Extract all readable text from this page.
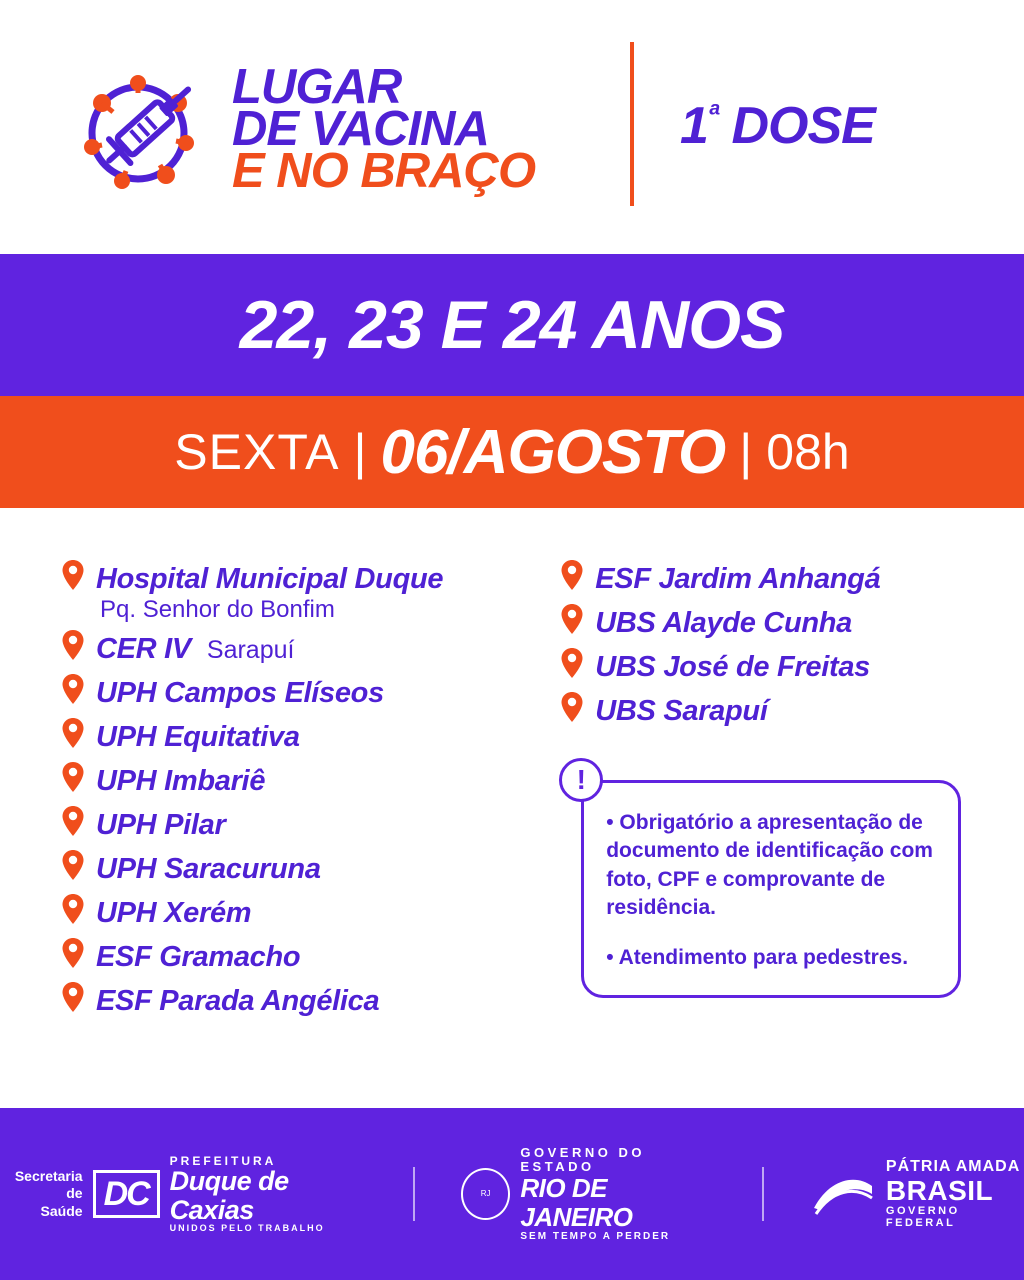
LUGAR
DE VACINA
E NO BRAÇO
$1^ª$ DOSE
22, 23 E 24 ANOS
SEXTA | 06/AGOSTO | 08h
Hospital Municipal Duque
Pq. Senhor do Bonfim
CER IV Sarapuí
UPH Campos Elíseos
UPH Equitativa
UPH Imbariê
UPH Pilar
UPH Saracuruna
UPH Xerém
ESF Gramacho
ESF Parada Angélica
ESF Jardim Anhangá
UBS Alayde Cunha
UBS José de Freitas
UBS Sarapuí
!
• Obrigatório a apresentação de documento de identificação com foto, CPF e comprovante de residência.
• Atendimento para pedestres.
Secretaria de
Saúde DC
PREFEITURA
Duque de Caxias
UNIDOS PELO TRABALHO
RJ
GOVERNO DO ESTADO
RIO DE JANEIRO
SEM TEMPO A PERDER
PÁTRIA AMADA
BRASIL
GOVERNO FEDERAL
